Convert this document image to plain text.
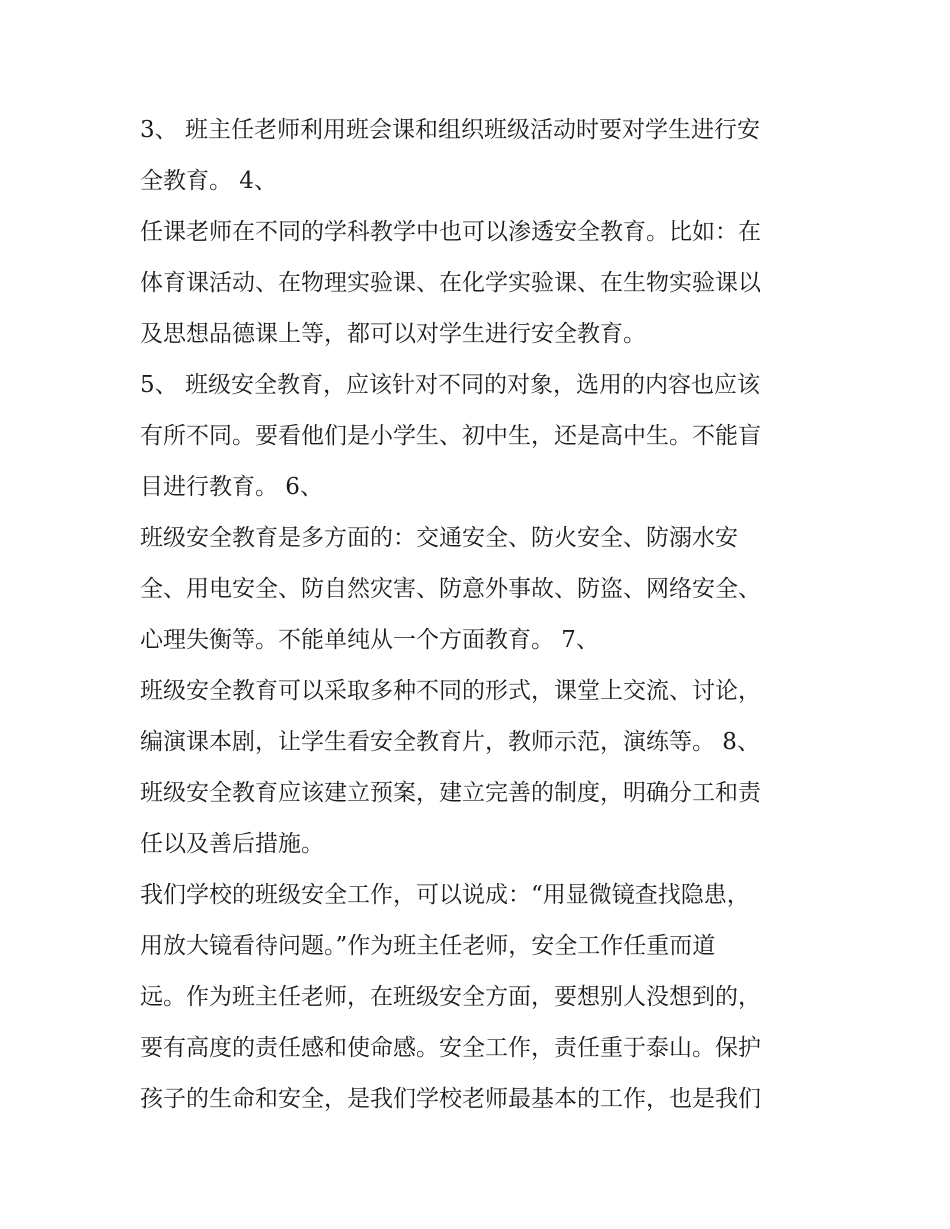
3、 班主任老师利用班会课和组织班级活动时要对学生进行安
全教育。 4、
任课老师在不同的学科教学中也可以渗透安全教育。比如：在
体育课活动、在物理实验课、在化学实验课、在生物实验课以
及思想品德课上等，都可以对学生进行安全教育。
5、 班级安全教育，应该针对不同的对象，选用的内容也应该
有所不同。要看他们是小学生、初中生，还是高中生。不能盲
目进行教育。 6、
班级安全教育是多方面的：交通安全、防火安全、防溺水安
全、用电安全、防自然灾害、防意外事故、防盗、网络安全、
心理失衡等。不能单纯从一个方面教育。 7、
班级安全教育可以采取多种不同的形式，课堂上交流、讨论，
编演课本剧，让学生看安全教育片，教师示范，演练等。 8、
班级安全教育应该建立预案，建立完善的制度，明确分工和责
任以及善后措施。
我们学校的班级安全工作，可以说成：“用显微镜查找隐患，
用放大镜看待问题。”作为班主任老师，安全工作任重而道
远。作为班主任老师，在班级安全方面，要想别人没想到的，
要有高度的责任感和使命感。安全工作，责任重于泰山。保护
孩子的生命和安全，是我们学校老师最基本的工作，也是我们
